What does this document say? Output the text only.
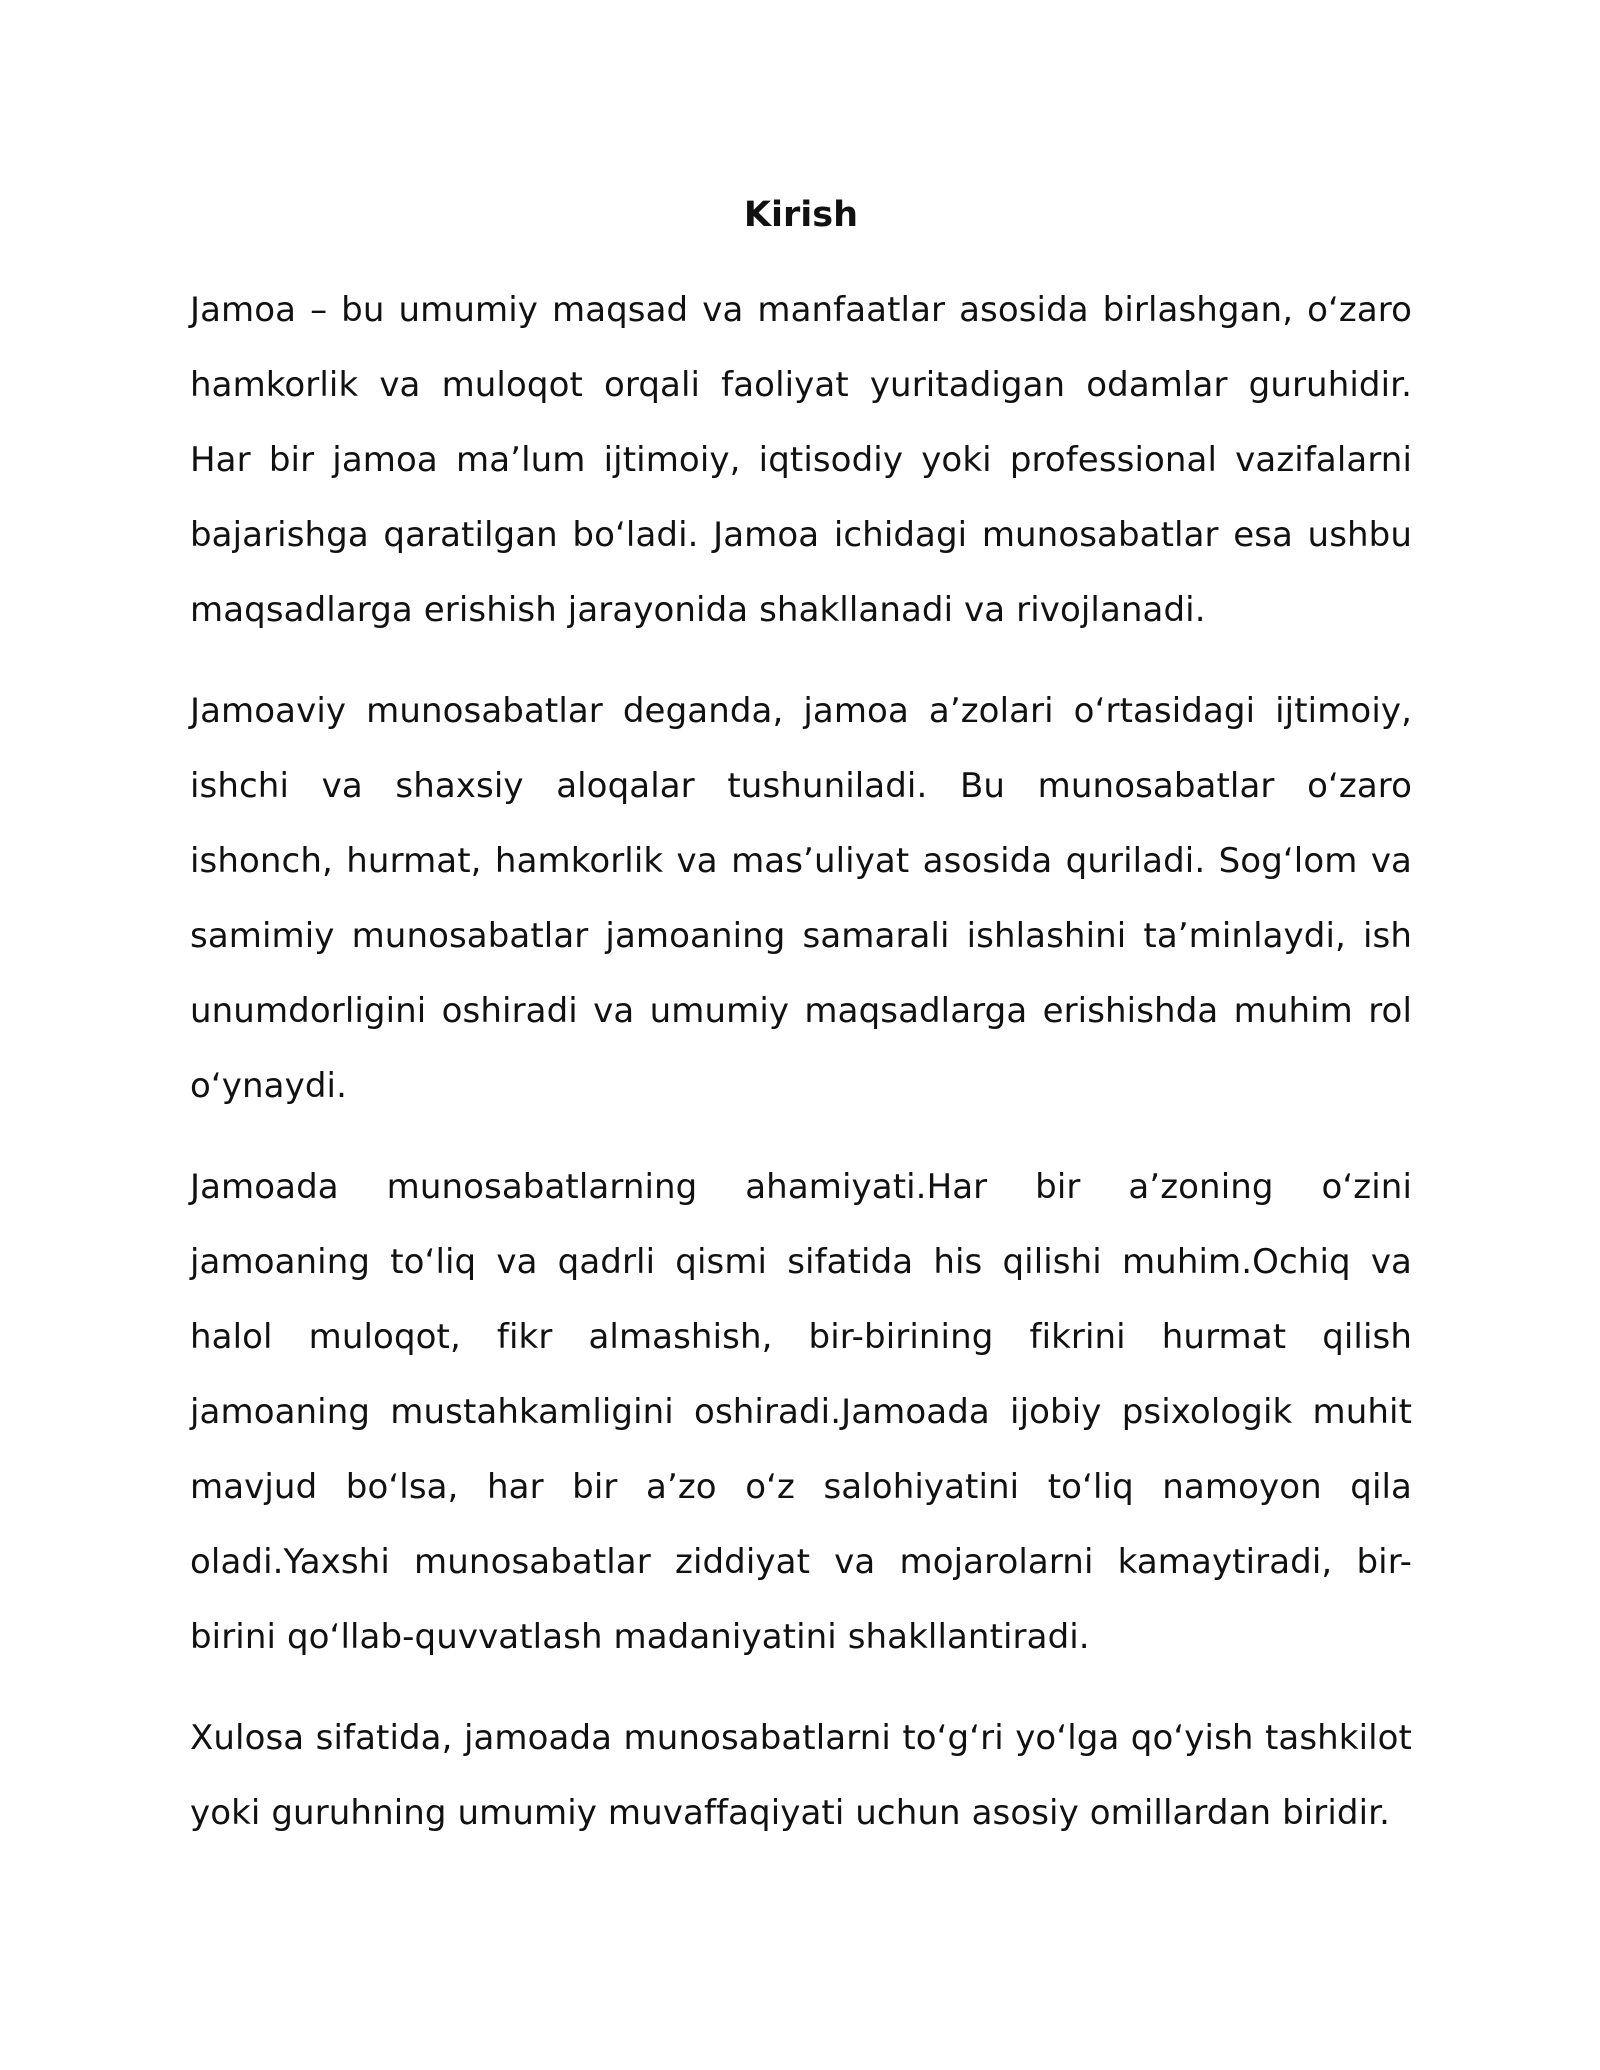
Kirish

Jamoa – bu umumiy maqsad va manfaatlar asosida birlashgan, oʻzaro hamkorlik va muloqot orqali faoliyat yuritadigan odamlar guruhidir. Har bir jamoa maʼlum ijtimoiy, iqtisodiy yoki professional vazifalarni bajarishga qaratilgan boʻladi. Jamoa ichidagi munosabatlar esa ushbu maqsadlarga erishish jarayonida shakllanadi va rivojlanadi.

Jamoaviy munosabatlar deganda, jamoa aʼzolari oʻrtasidagi ijtimoiy, ishchi va shaxsiy aloqalar tushuniladi. Bu munosabatlar oʻzaro ishonch, hurmat, hamkorlik va masʼuliyat asosida quriladi. Sogʻlom va samimiy munosabatlar jamoaning samarali ishlashini taʼminlaydi, ish unumdorligini oshiradi va umumiy maqsadlarga erishishda muhim rol oʻynaydi.

Jamoada munosabatlarning ahamiyati.Har bir aʼzoning oʻzini jamoaning toʻliq va qadrli qismi sifatida his qilishi muhim.Ochiq va halol muloqot, fikr almashish, bir-birining fikrini hurmat qilish jamoaning mustahkamligini oshiradi.Jamoada ijobiy psixologik muhit mavjud boʻlsa, har bir aʼzo oʻz salohiyatini toʻliq namoyon qila oladi.Yaxshi munosabatlar ziddiyat va mojarolarni kamaytiradi, bir-birini qoʻllab-quvvatlash madaniyatini shakllantiradi.

Xulosa sifatida, jamoada munosabatlarni toʻgʻri yoʻlga qoʻyish tashkilot yoki guruhning umumiy muvaffaqiyati uchun asosiy omillardan biridir.
